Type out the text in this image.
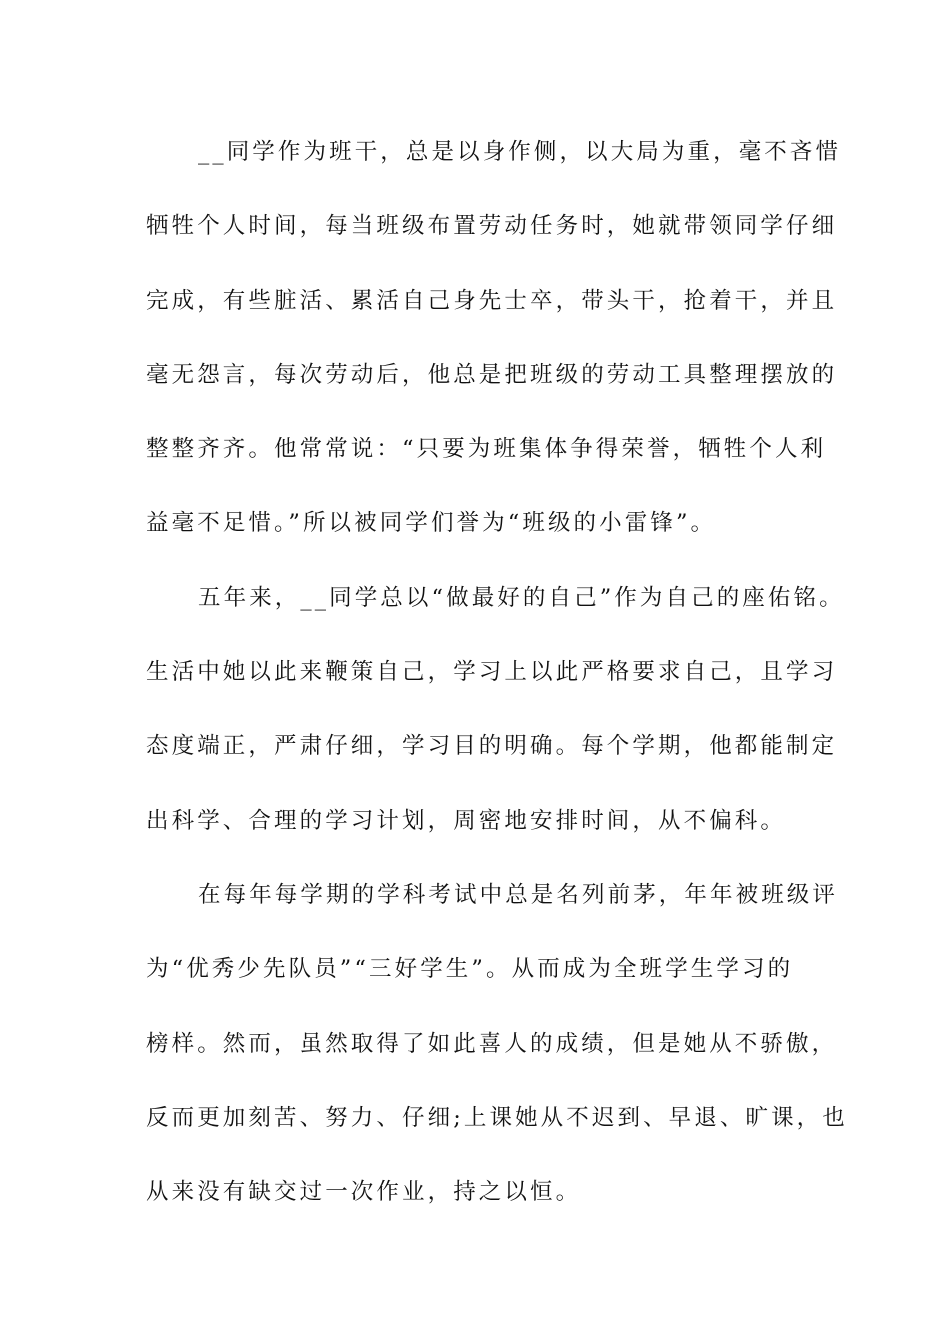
__同学作为班干，总是以身作侧，以大局为重，毫不吝惜
牺牲个人时间，每当班级布置劳动任务时，她就带领同学仔细
完成，有些脏活、累活自己身先士卒，带头干，抢着干，并且
毫无怨言，每次劳动后，他总是把班级的劳动工具整理摆放的
整整齐齐。他常常说：“只要为班集体争得荣誉，牺牲个人利
益毫不足惜。”所以被同学们誉为“班级的小雷锋”。
五年来，__同学总以“做最好的自己”作为自己的座佑铭。
生活中她以此来鞭策自己，学习上以此严格要求自己，且学习
态度端正，严肃仔细，学习目的明确。每个学期，他都能制定
出科学、合理的学习计划，周密地安排时间，从不偏科。
在每年每学期的学科考试中总是名列前茅，年年被班级评
为“优秀少先队员”“三好学生”。从而成为全班学生学习的
榜样。然而，虽然取得了如此喜人的成绩，但是她从不骄傲，
反而更加刻苦、努力、仔细;上课她从不迟到、早退、旷课，也
从来没有缺交过一次作业，持之以恒。
